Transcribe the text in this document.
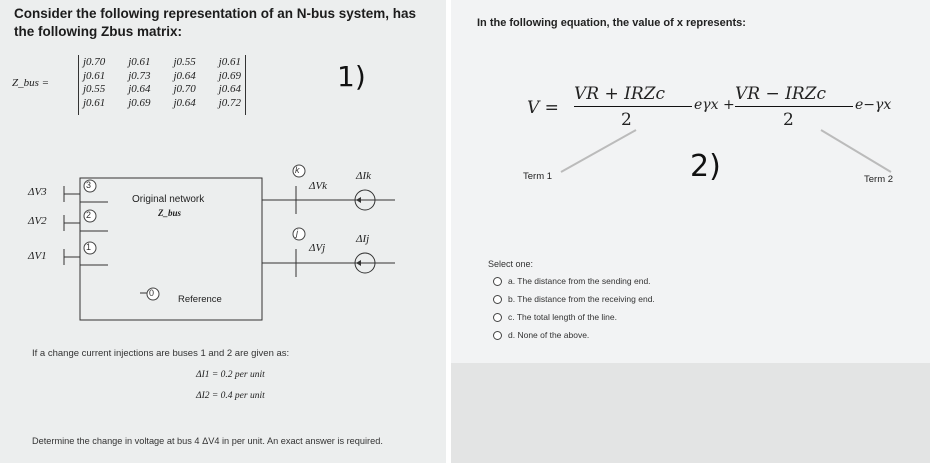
Consider the following representation of an N-bus system, has the following Zbus matrix:
Z_bus =
j0.70 j0.61 j0.55 j0.61
j0.61 j0.73 j0.64 j0.69
j0.55 j0.64 j0.70 j0.64
j0.61 j0.69 j0.64 j0.72
1)
3
2
1
0
k
j
ΔV3
ΔV2
ΔV1
ΔVk
ΔVj
ΔIk
ΔIj
Original network
Z_bus
Reference
If a change current injections are buses 1 and 2 are given as:
ΔI1 = 0.2 per unit
ΔI2 = 0.4 per unit
Determine the change in voltage at bus 4 ΔV4 in per unit. An exact answer is required.
In the following equation, the value of x represents:
V =
VR + IRZc
2
eγx +
VR − IRZc
2
e−γx
Term 1	Term 2
2)
Select one:
a. The distance from the sending end.
b. The distance from the receiving end.
c. The total length of the line.
d. None of the above.
